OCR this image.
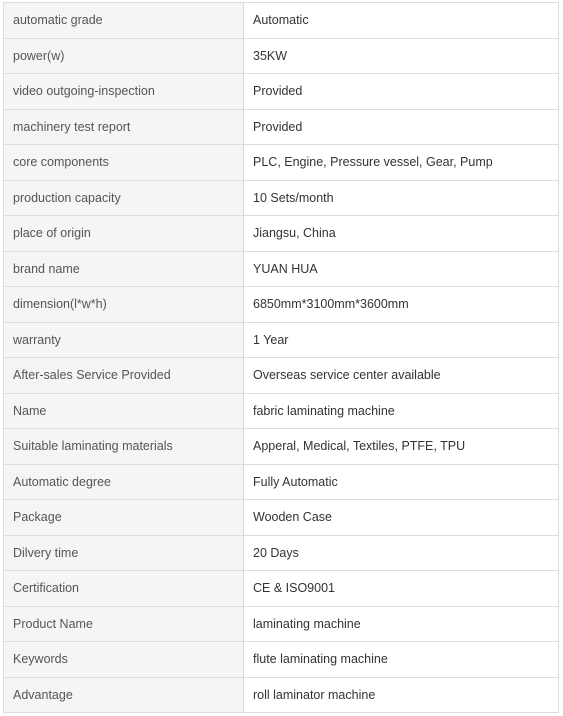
automatic grade	Automatic
power(w)	35KW
video outgoing-inspection	Provided
machinery test report	Provided
core components	PLC, Engine, Pressure vessel, Gear, Pump
production capacity	10 Sets/month
place of origin	Jiangsu, China
brand name	YUAN HUA
dimension(l*w*h)	6850mm*3100mm*3600mm
warranty	1 Year
After-sales Service Provided	Overseas service center available
Name	fabric laminating machine
Suitable laminating materials	Apperal, Medical, Textiles, PTFE, TPU
Automatic degree	Fully Automatic
Package	Wooden Case
Dilvery time	20 Days
Certification	CE & ISO9001
Product Name	laminating machine
Keywords	flute laminating machine
Advantage	roll laminator machine
